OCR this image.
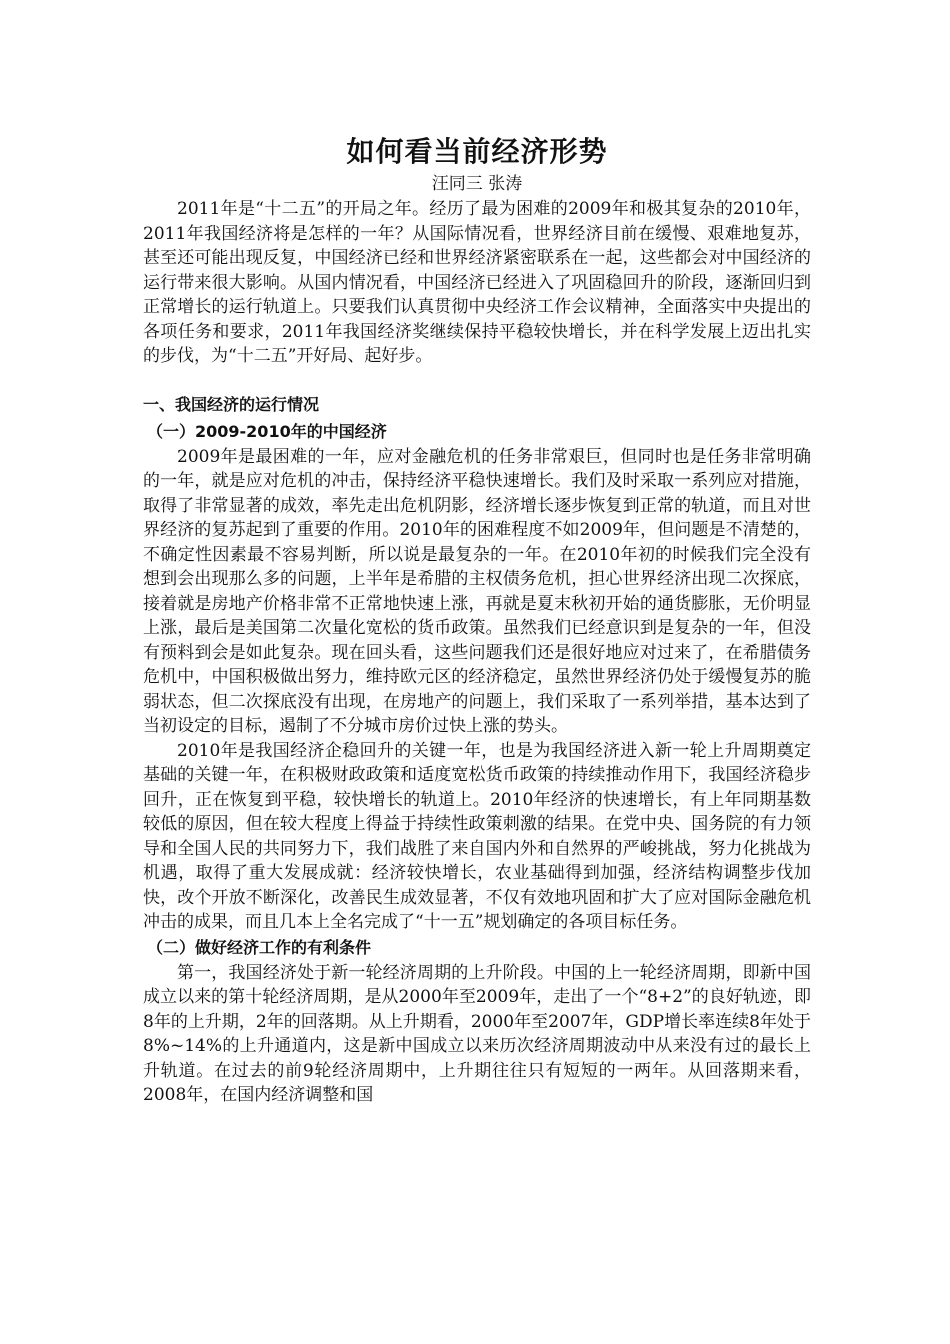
如何看当前经济形势

汪同三 张涛

2011年是“十二五”的开局之年。经历了最为困难的2009年和极其复杂的2010年，2011年我国经济将是怎样的一年？从国际情况看，世界经济目前在缓慢、艰难地复苏，甚至还可能出现反复，中国经济已经和世界经济紧密联系在一起，这些都会对中国经济的运行带来很大影响。从国内情况看，中国经济已经进入了巩固稳回升的阶段，逐渐回归到正常增长的运行轨道上。只要我们认真贯彻中央经济工作会议精神，全面落实中央提出的各项任务和要求，2011年我国经济奖继续保持平稳较快增长，并在科学发展上迈出扎实的步伐，为“十二五”开好局、起好步。

一、我国经济的运行情况
（一）2009-2010年的中国经济

2009年是最困难的一年，应对金融危机的任务非常艰巨，但同时也是任务非常明确的一年，就是应对危机的冲击，保持经济平稳快速增长。我们及时采取一系列应对措施，取得了非常显著的成效，率先走出危机阴影，经济增长逐步恢复到正常的轨道，而且对世界经济的复苏起到了重要的作用。2010年的困难程度不如2009年，但问题是不清楚的，不确定性因素最不容易判断，所以说是最复杂的一年。在2010年初的时候我们完全没有想到会出现那么多的问题，上半年是希腊的主权债务危机，担心世界经济出现二次探底，接着就是房地产价格非常不正常地快速上涨，再就是夏末秋初开始的通货膨胀，无价明显上涨，最后是美国第二次量化宽松的货币政策。虽然我们已经意识到是复杂的一年，但没有预料到会是如此复杂。现在回头看，这些问题我们还是很好地应对过来了，在希腊债务危机中，中国积极做出努力，维持欧元区的经济稳定，虽然世界经济仍处于缓慢复苏的脆弱状态，但二次探底没有出现，在房地产的问题上，我们采取了一系列举措，基本达到了当初设定的目标，遏制了不分城市房价过快上涨的势头。

2010年是我国经济企稳回升的关键一年，也是为我国经济进入新一轮上升周期奠定基础的关键一年，在积极财政政策和适度宽松货币政策的持续推动作用下，我国经济稳步回升，正在恢复到平稳，较快增长的轨道上。2010年经济的快速增长，有上年同期基数较低的原因，但在较大程度上得益于持续性政策刺激的结果。在党中央、国务院的有力领导和全国人民的共同努力下，我们战胜了来自国内外和自然界的严峻挑战，努力化挑战为机遇，取得了重大发展成就：经济较快增长，农业基础得到加强，经济结构调整步伐加快，改个开放不断深化，改善民生成效显著，不仅有效地巩固和扩大了应对国际金融危机冲击的成果，而且几本上全名完成了“十一五”规划确定的各项目标任务。

（二）做好经济工作的有利条件

第一，我国经济处于新一轮经济周期的上升阶段。中国的上一轮经济周期，即新中国成立以来的第十轮经济周期，是从2000年至2009年，走出了一个“8+2”的良好轨迹，即8年的上升期，2年的回落期。从上升期看，2000年至2007年，GDP增长率连续8年处于8%~14%的上升通道内，这是新中国成立以来历次经济周期波动中从来没有过的最长上升轨道。在过去的前9轮经济周期中，上升期往往只有短短的一两年。从回落期来看，2008年，在国内经济调整和国
